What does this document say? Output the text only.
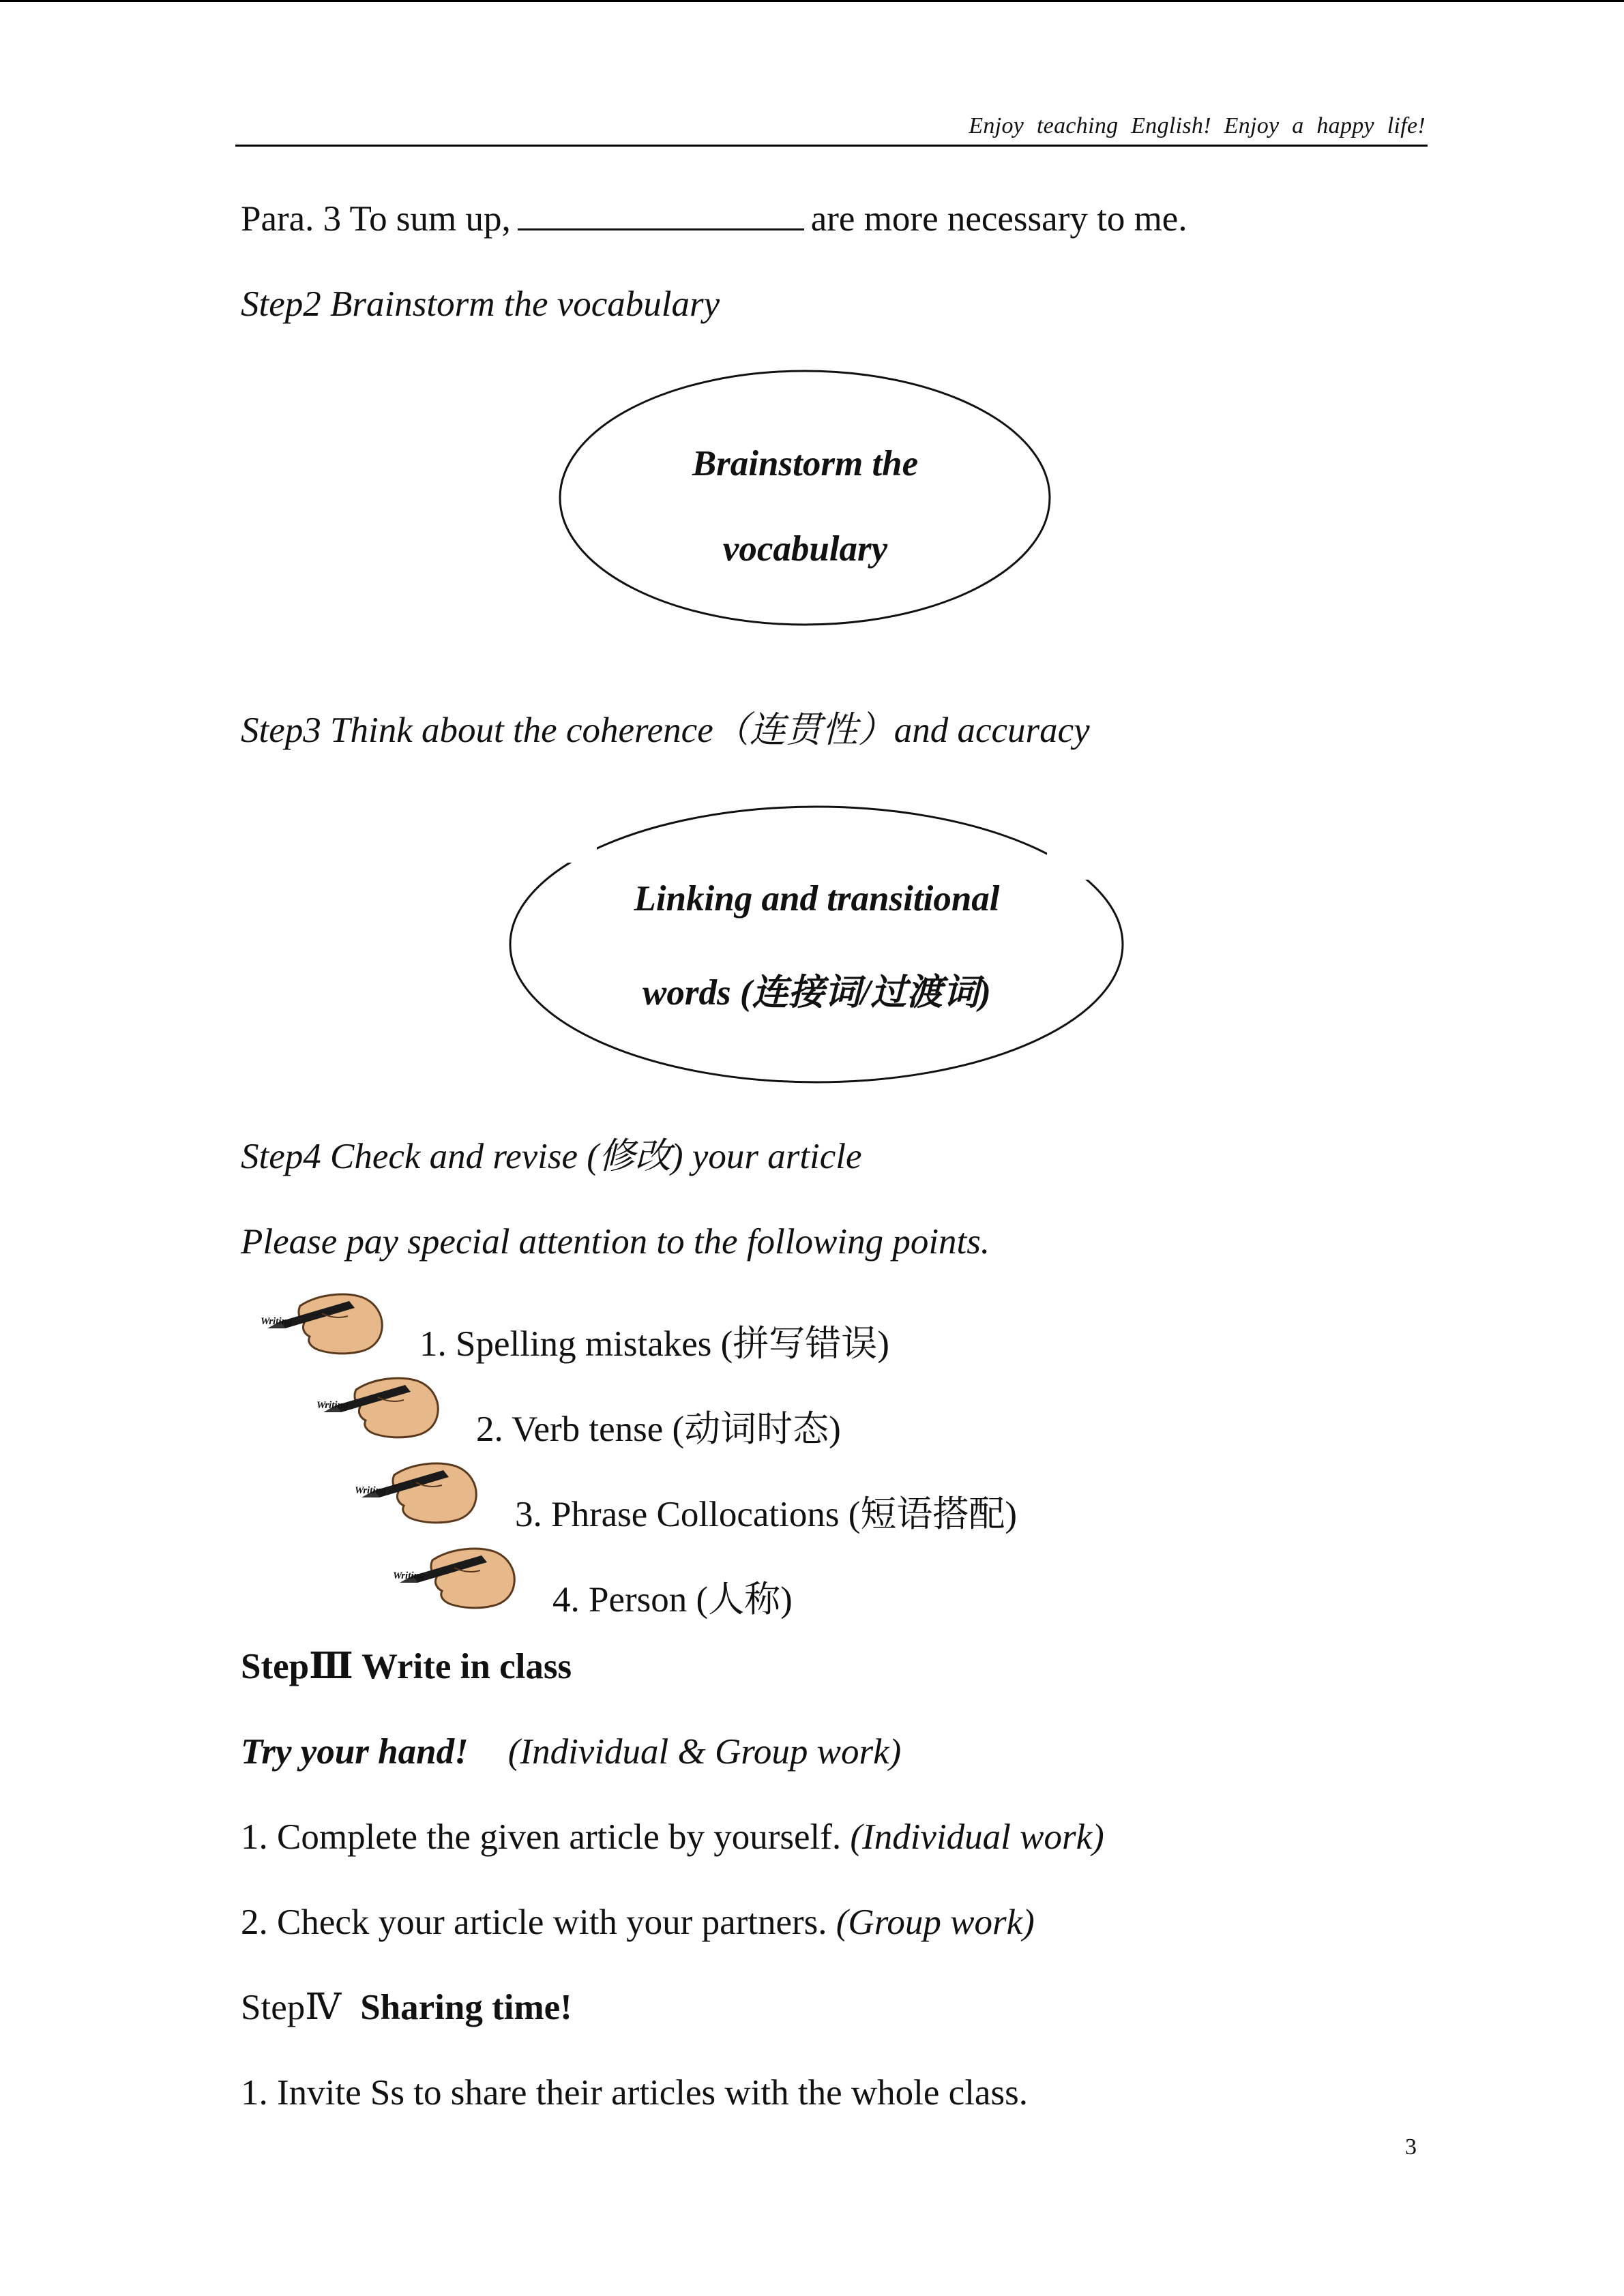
Enjoy teaching English! Enjoy a happy life!
Para. 3 To sum up,	are more necessary to me.
Step2 Brainstorm the vocabulary
Brainstorm the
vocabulary
Step3 Think about the coherence（连贯性）and accuracy
Linking and transitional
words (连接词/过渡词)
Step4 Check and revise (修改) your article
Please pay special attention to the following points.
Writing
1. Spelling mistakes (拼写错误)
Writing
2. Verb tense (动词时态)
Writing
3. Phrase Collocations (短语搭配)
Writing
4. Person (人称)
StepⅢ Write in class
Try your hand! (Individual & Group work)
1. Complete the given article by yourself. (Individual work)
2. Check your article with your partners. (Group work)
StepⅣ Sharing time!
1. Invite Ss to share their articles with the whole class.
3
